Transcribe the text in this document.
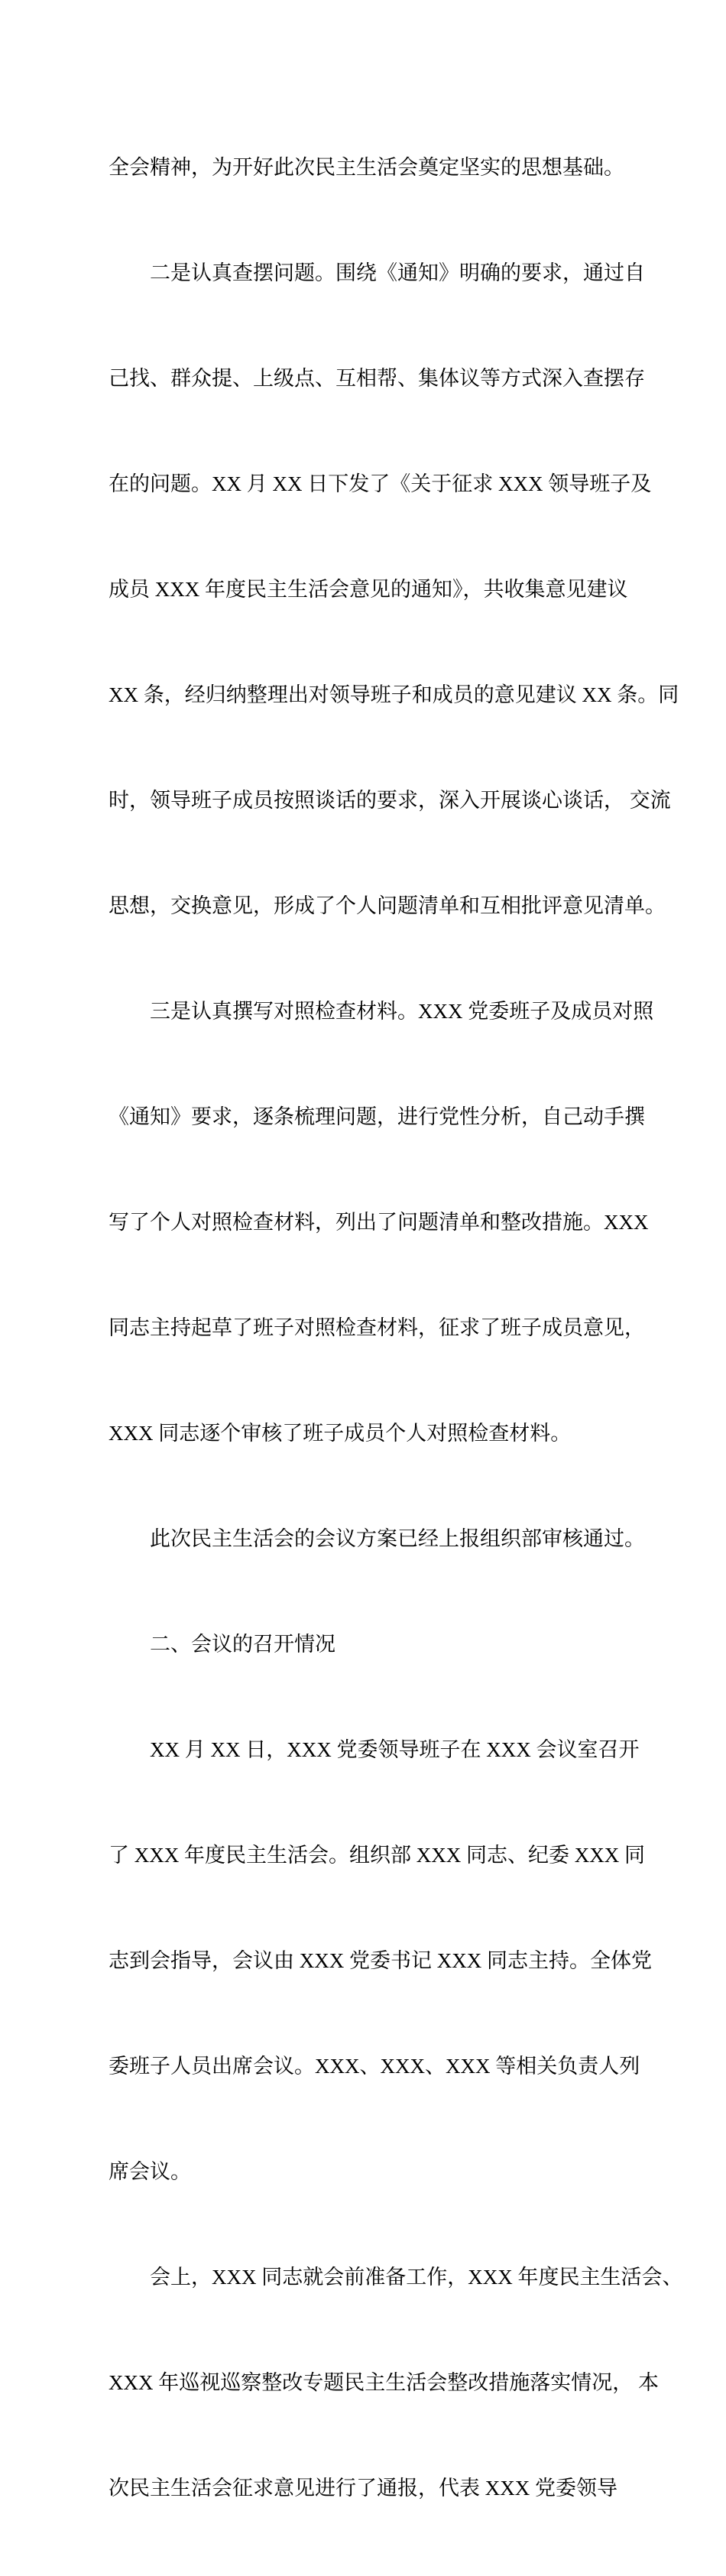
全会精神，为开好此次民主生活会奠定坚实的思想基础。

　　二是认真查摆问题。围绕《通知》明确的要求，通过自

己找、群众提、上级点、互相帮、集体议等方式深入查摆存

在的问题。XX 月 XX 日下发了《关于征求 XXX 领导班子及

成员 XXX 年度民主生活会意见的通知》，共收集意见建议

XX 条，经归纳整理出对领导班子和成员的意见建议 XX 条。同

时，领导班子成员按照谈话的要求，深入开展谈心谈话， 交流

思想，交换意见，形成了个人问题清单和互相批评意见清单。

　　三是认真撰写对照检查材料。XXX 党委班子及成员对照

《通知》要求，逐条梳理问题，进行党性分析，自己动手撰

写了个人对照检查材料，列出了问题清单和整改措施。XXX

同志主持起草了班子对照检查材料，征求了班子成员意见，

XXX 同志逐个审核了班子成员个人对照检查材料。

　　此次民主生活会的会议方案已经上报组织部审核通过。

　　二、会议的召开情况

　　XX 月 XX 日，XXX 党委领导班子在 XXX 会议室召开

了 XXX 年度民主生活会。组织部 XXX 同志、纪委 XXX 同

志到会指导，会议由 XXX 党委书记 XXX 同志主持。全体党

委班子人员出席会议。XXX、XXX、XXX 等相关负责人列

席会议。

　　会上，XXX 同志就会前准备工作，XXX 年度民主生活会、

XXX 年巡视巡察整改专题民主生活会整改措施落实情况， 本

次民主生活会征求意见进行了通报，代表 XXX 党委领导
